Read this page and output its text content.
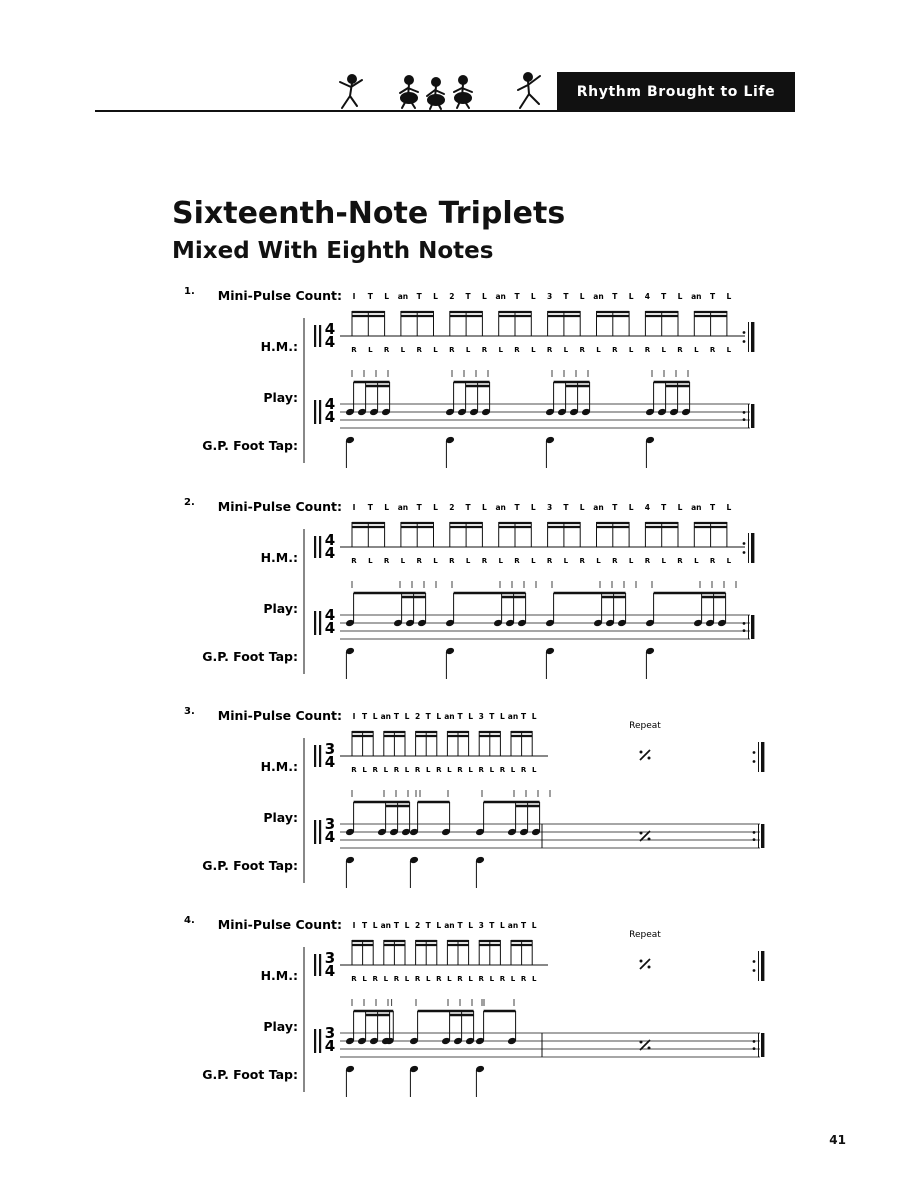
Rhythm Brought to Life
Sixteenth-Note Triplets
Mixed With Eighth Notes
1. Mini-Pulse Count:
H.M.:
Play:
G.P. Foot Tap:
I T L an T L 2 T L an T L 3 T L an T L 4 T L an T L
4
4 R L R L R L R L R L R L R L R L R L R L R L R L
4
4
2. Mini-Pulse Count:
H.M.:
Play:
G.P. Foot Tap:
I T L an T L 2 T L an T L 3 T L an T L 4 T L an T L
4
4 R L R L R L R L R L R L R L R L R L R L R L R L
4
4
3. Mini-Pulse Count:
H.M.:
Play:
G.P. Foot Tap:
I T L an T L 2 T L an T L 3 T L an T L
3
4 R L R L R L R L R L R L R L R L R L
3
4
Repeat
4. Mini-Pulse Count:
H.M.:
Play:
G.P. Foot Tap:
I T L an T L 2 T L an T L 3 T L an T L
3
4 R L R L R L R L R L R L R L R L R L
3
4
Repeat
41
